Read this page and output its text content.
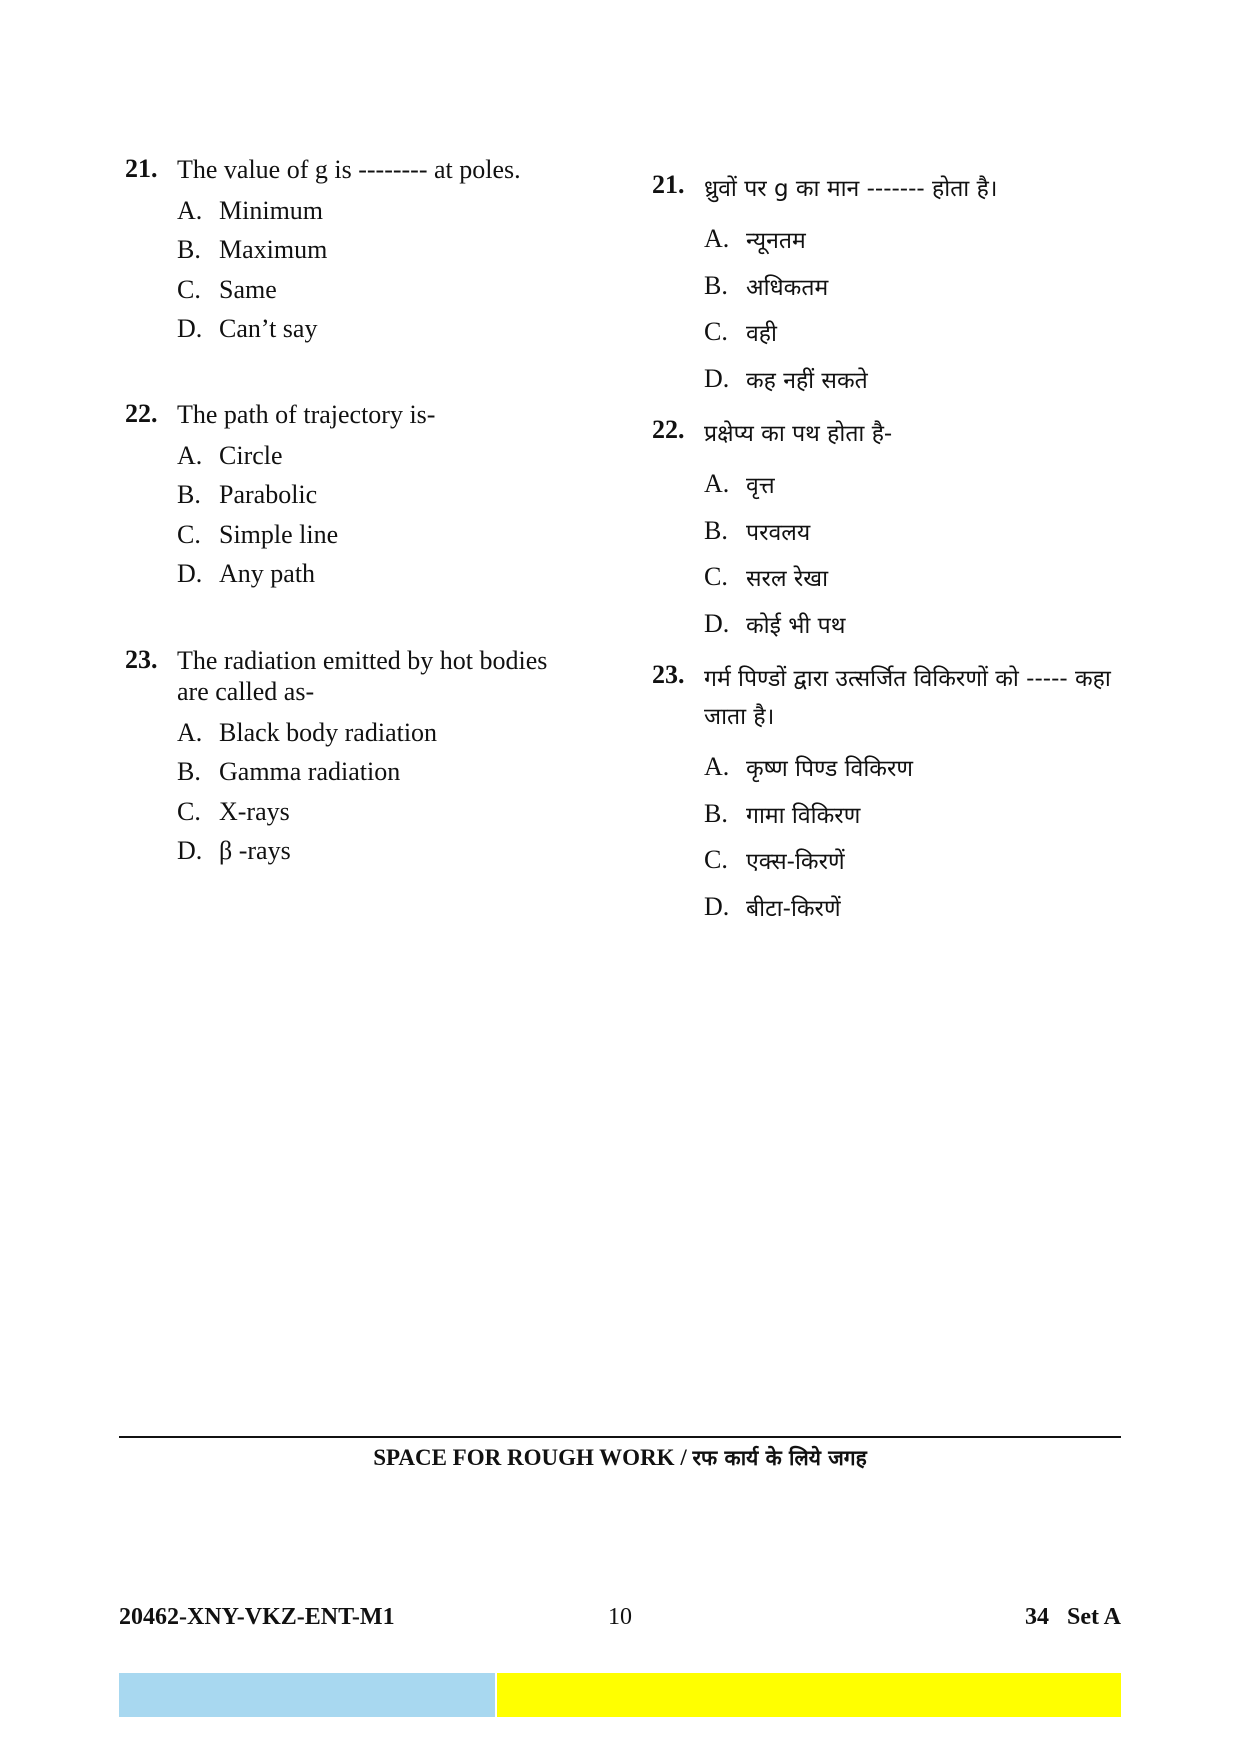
21. The value of g is -------- at poles.
A. Minimum
B. Maximum
C. Same
D. Can’t say
22. The path of trajectory is-
A. Circle
B. Parabolic
C. Simple line
D. Any path
23. The radiation emitted by hot bodies are called as-
A. Black body radiation
B. Gamma radiation
C. X-rays
D. β -rays
21. ध्रुवों पर g का मान ------- होता है।
A. न्यूनतम
B. अधिकतम
C. वही
D. कह नहीं सकते
22. प्रक्षेप्य का पथ होता है-
A. वृत्त
B. परवलय
C. सरल रेखा
D. कोई भी पथ
23. गर्म पिण्डों द्वारा उत्सर्जित विकिरणों को ----- कहा जाता है।
A. कृष्ण पिण्ड विकिरण
B. गामा विकिरण
C. एक्स-किरणें
D. बीटा-किरणें
SPACE FOR ROUGH WORK / रफ कार्य के लिये जगह
20462-XNY-VKZ-ENT-M1	10	34   Set A
